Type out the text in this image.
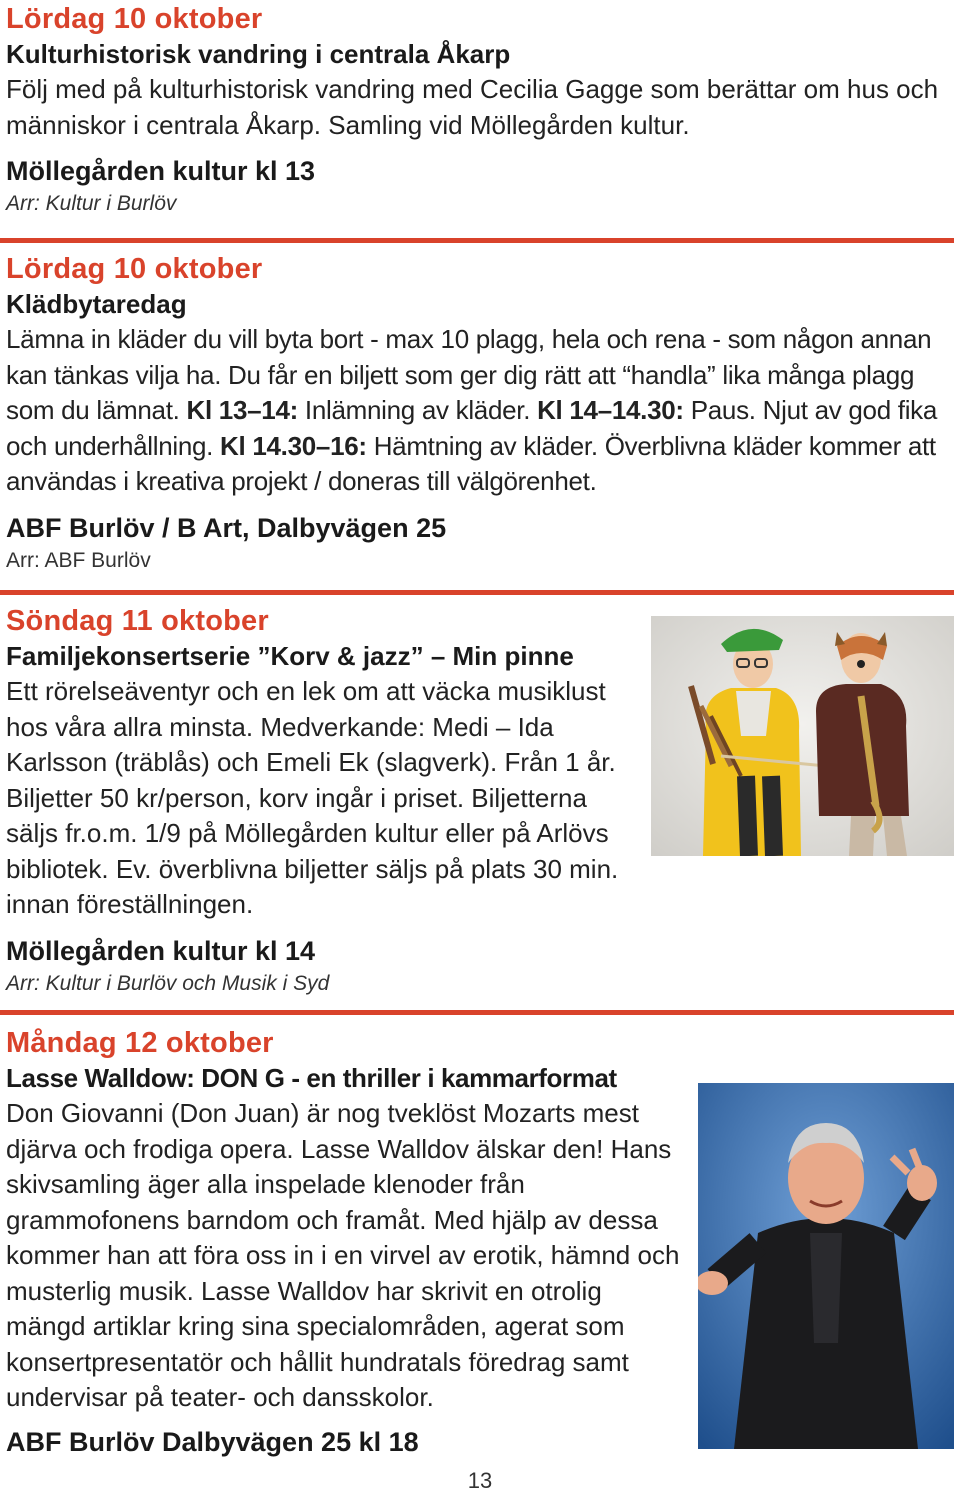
Lördag 10 oktober
Kulturhistorisk vandring i centrala Åkarp
Följ med på kulturhistorisk vandring med Cecilia Gagge som berättar om hus och människor i centrala Åkarp. Samling vid Möllegården kultur.
Möllegården kultur kl 13
Arr: Kultur i Burlöv
Lördag 10 oktober
Klädbytaredag
Lämna in kläder du vill byta bort - max 10 plagg, hela och rena - som någon annan kan tänkas vilja ha. Du får en biljett som ger dig rätt att “handla” lika många plagg som du lämnat. Kl 13–14: Inlämning av kläder. Kl 14–14.30: Paus. Njut av god fika och underhållning. Kl 14.30–16: Hämtning av kläder. Överblivna kläder kommer att användas i kreativa projekt / doneras till välgörenhet.
ABF Burlöv / B Art, Dalbyvägen 25
Arr: ABF Burlöv
Söndag 11 oktober
Familjekonsertserie ”Korv & jazz” – Min pinne
Ett rörelseäventyr och en lek om att väcka musiklust hos våra allra minsta. Medverkande: Medi – Ida Karlsson (träblås) och Emeli Ek (slagverk). Från 1 år. Biljetter 50 kr/person, korv ingår i priset. Biljetterna säljs fr.o.m. 1/9 på Möllegården kultur eller på Arlövs bibliotek. Ev. överblivna biljetter säljs på plats 30 min. innan föreställningen.
Möllegården kultur kl 14
Arr: Kultur i Burlöv och Musik i Syd
Måndag 12 oktober
Lasse Walldow: DON G - en thriller i kammarformat
Don Giovanni (Don Juan) är nog tveklöst Mozarts mest djärva och frodiga opera. Lasse Walldov älskar den! Hans skivsamling äger alla inspelade klenoder från grammofonens barndom och framåt. Med hjälp av dessa kommer han att föra oss in i en virvel av erotik, hämnd och musterlig musik. Lasse Walldov har skrivit en otrolig mängd artiklar kring sina specialområden, agerat som konsertpresentatör och hållit hundratals föredrag samt undervisar på teater- och dansskolor.
ABF Burlöv Dalbyvägen 25 kl 18
13
